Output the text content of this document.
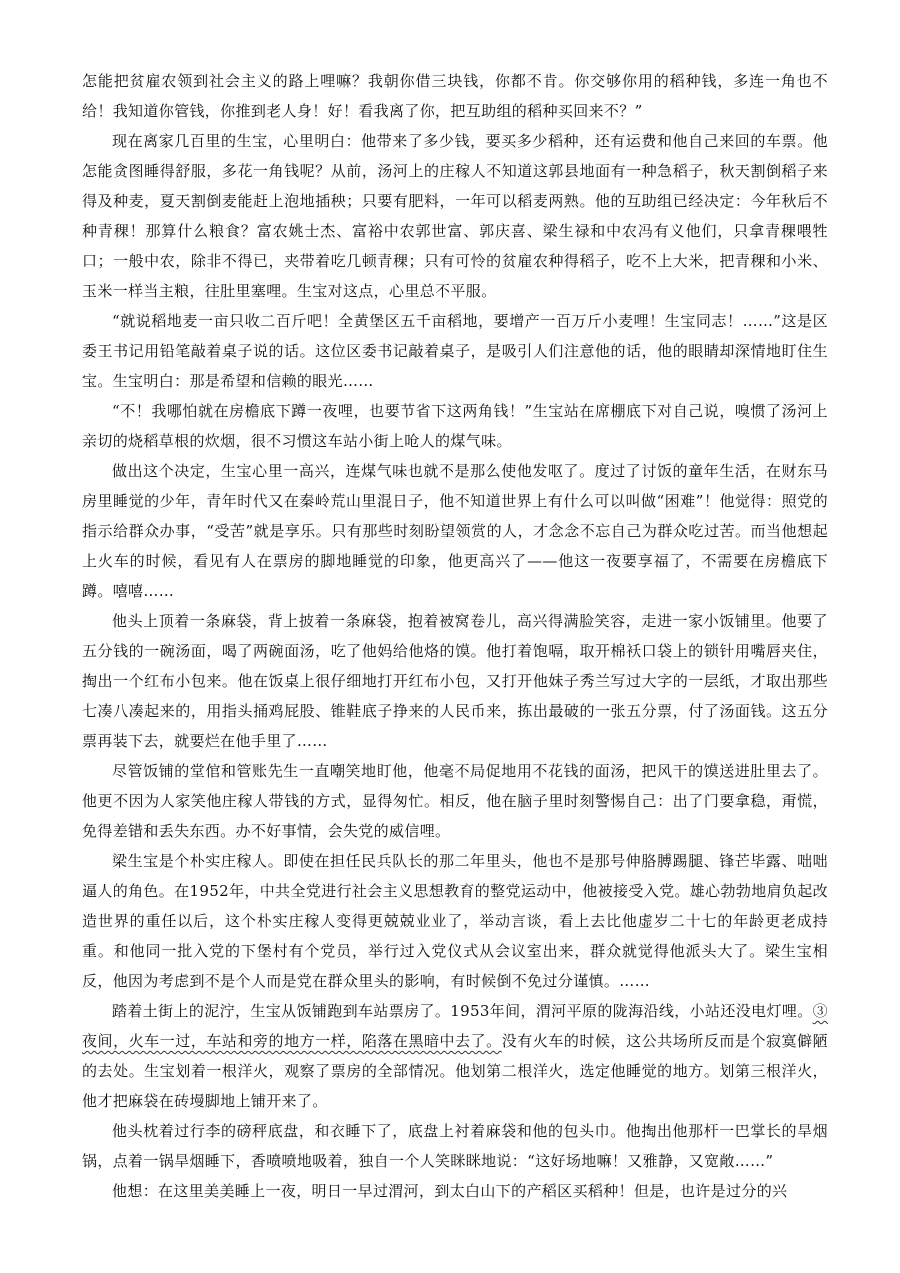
怎能把贫雇农领到社会主义的路上哩嘛？我朝你借三块钱，你都不肯。你交够你用的稻种钱，多连一角也不给！我知道你管钱，你推到老人身！好！看我离了你，把互助组的稻种买回来不？”

现在离家几百里的生宝，心里明白：他带来了多少钱，要买多少稻种，还有运费和他自己来回的车票。他怎能贪图睡得舒服，多花一角钱呢？从前，汤河上的庄稼人不知道这郭县地面有一种急稻子，秋天割倒稻子来得及种麦，夏天割倒麦能赶上泡地插秧；只要有肥料，一年可以稻麦两熟。他的互助组已经决定：今年秋后不种青稞！那算什么粮食？富农姚士杰、富裕中农郭世富、郭庆喜、梁生禄和中农冯有义他们，只拿青稞喂牲口；一般中农，除非不得已，夹带着吃几顿青稞；只有可怜的贫雇农种得稻子，吃不上大米，把青稞和小米、玉米一样当主粮，往肚里塞哩。生宝对这点，心里总不平服。

“就说稻地麦一亩只收二百斤吧！全黄堡区五千亩稻地，要增产一百万斤小麦哩！生宝同志！……”这是区委王书记用铅笔敲着桌子说的话。这位区委书记敲着桌子，是吸引人们注意他的话，他的眼睛却深情地盯住生宝。生宝明白：那是希望和信赖的眼光……

“不！我哪怕就在房檐底下蹲一夜哩，也要节省下这两角钱！”生宝站在席棚底下对自己说，嗅惯了汤河上亲切的烧稻草根的炊烟，很不习惯这车站小街上呛人的煤气味。

做出这个决定，生宝心里一高兴，连煤气味也就不是那么使他发呕了。度过了讨饭的童年生活，在财东马房里睡觉的少年，青年时代又在秦岭荒山里混日子，他不知道世界上有什么可以叫做“困难”！他觉得：照党的指示给群众办事，“受苦”就是享乐。只有那些时刻盼望领赏的人，才念念不忘自己为群众吃过苦。而当他想起上火车的时候，看见有人在票房的脚地睡觉的印象，他更高兴了——他这一夜要享福了，不需要在房檐底下蹲。嘻嘻……

他头上顶着一条麻袋，背上披着一条麻袋，抱着被窝卷儿，高兴得满脸笑容，走进一家小饭铺里。他要了五分钱的一碗汤面，喝了两碗面汤，吃了他妈给他烙的馍。他打着饱嗝，取开棉袄口袋上的锁针用嘴唇夹住，掏出一个红布小包来。他在饭桌上很仔细地打开红布小包，又打开他妹子秀兰写过大字的一层纸，才取出那些七凑八凑起来的，用指头捅鸡屁股、锥鞋底子挣来的人民币来，拣出最破的一张五分票，付了汤面钱。这五分票再装下去，就要烂在他手里了……

尽管饭铺的堂倌和管账先生一直嘲笑地盯他，他毫不局促地用不花钱的面汤，把风干的馍送进肚里去了。他更不因为人家笑他庄稼人带钱的方式，显得匆忙。相反，他在脑子里时刻警惕自己：出了门要拿稳，甭慌，免得差错和丢失东西。办不好事情，会失党的威信哩。

梁生宝是个朴实庄稼人。即使在担任民兵队长的那二年里头，他也不是那号伸胳膊踢腿、锋芒毕露、咄咄逼人的角色。在1952年，中共全党进行社会主义思想教育的整党运动中，他被接受入党。雄心勃勃地肩负起改造世界的重任以后，这个朴实庄稼人变得更兢兢业业了，举动言谈，看上去比他虚岁二十七的年龄更老成持重。和他同一批入党的下堡村有个党员，举行过入党仪式从会议室出来，群众就觉得他派头大了。梁生宝相反，他因为考虑到不是个人而是党在群众里头的影响，有时候倒不免过分谨慎。……

踏着土街上的泥泞，生宝从饭铺跑到车站票房了。1953年间，渭河平原的陇海沿线，小站还没电灯哩。③夜间，火车一过，车站和旁的地方一样，陷落在黑暗中去了。没有火车的时候，这公共场所反而是个寂寞僻陋的去处。生宝划着一根洋火，观察了票房的全部情况。他划第二根洋火，选定他睡觉的地方。划第三根洋火，他才把麻袋在砖墁脚地上铺开来了。

他头枕着过行李的磅秤底盘，和衣睡下了，底盘上衬着麻袋和他的包头巾。他掏出他那杆一巴掌长的旱烟锅，点着一锅旱烟睡下，香喷喷地吸着，独自一个人笑眯眯地说：“这好场地嘛！又雅静，又宽敞……”

他想：在这里美美睡上一夜，明日一早过渭河，到太白山下的产稻区买稻种！但是，也许是过分的兴
